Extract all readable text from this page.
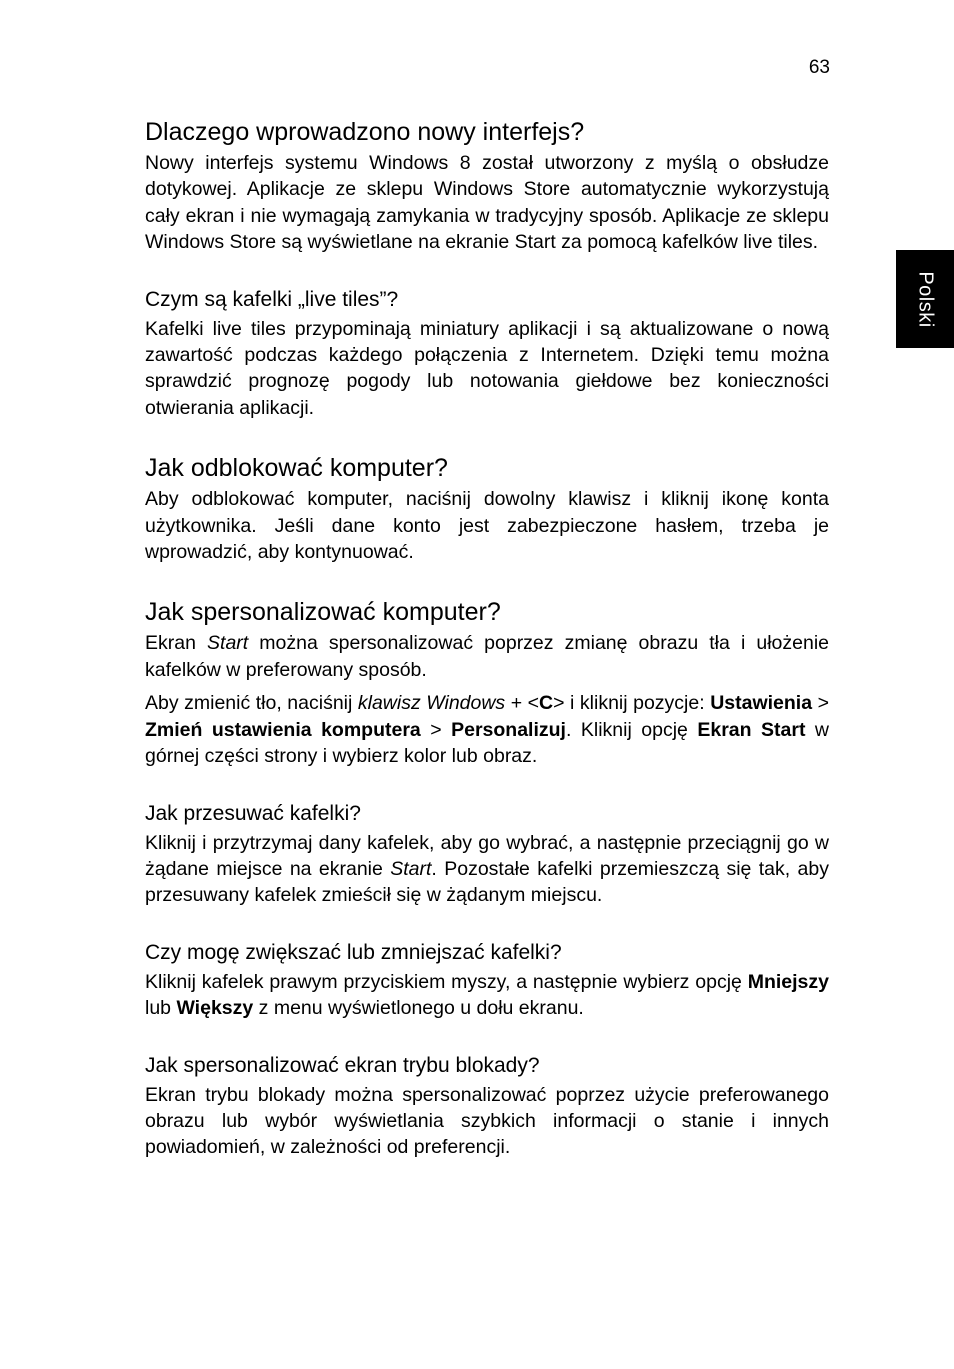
63
Polski
Dlaczego wprowadzono nowy interfejs?

Nowy interfejs systemu Windows 8 został utworzony z myślą o obsłudze dotykowej. Aplikacje ze sklepu Windows Store automatycznie wykorzystują cały ekran i nie wymagają zamykania w tradycyjny sposób. Aplikacje ze sklepu Windows Store są wyświetlane na ekranie Start za pomocą kafelków live tiles.

Czym są kafelki „live tiles”?

Kafelki live tiles przypominają miniatury aplikacji i są aktualizowane o nową zawartość podczas każdego połączenia z Internetem. Dzięki temu można sprawdzić prognozę pogody lub notowania giełdowe bez konieczności otwierania aplikacji.

Jak odblokować komputer?

Aby odblokować komputer, naciśnij dowolny klawisz i kliknij ikonę konta użytkownika. Jeśli dane konto jest zabezpieczone hasłem, trzeba je wprowadzić, aby kontynuować.

Jak spersonalizować komputer?

Ekran Start można spersonalizować poprzez zmianę obrazu tła i ułożenie kafelków w preferowany sposób.

Aby zmienić tło, naciśnij klawisz Windows + <C> i kliknij pozycje: Ustawienia > Zmień ustawienia komputera > Personalizuj. Kliknij opcję Ekran Start w górnej części strony i wybierz kolor lub obraz.

Jak przesuwać kafelki?

Kliknij i przytrzymaj dany kafelek, aby go wybrać, a następnie przeciągnij go w żądane miejsce na ekranie Start. Pozostałe kafelki przemieszczą się tak, aby przesuwany kafelek zmieścił się w żądanym miejscu.

Czy mogę zwiększać lub zmniejszać kafelki?

Kliknij kafelek prawym przyciskiem myszy, a następnie wybierz opcję Mniejszy lub Większy z menu wyświetlonego u dołu ekranu.

Jak spersonalizować ekran trybu blokady?

Ekran trybu blokady można spersonalizować poprzez użycie preferowanego obrazu lub wybór wyświetlania szybkich informacji o stanie i innych powiadomień, w zależności od preferencji.
